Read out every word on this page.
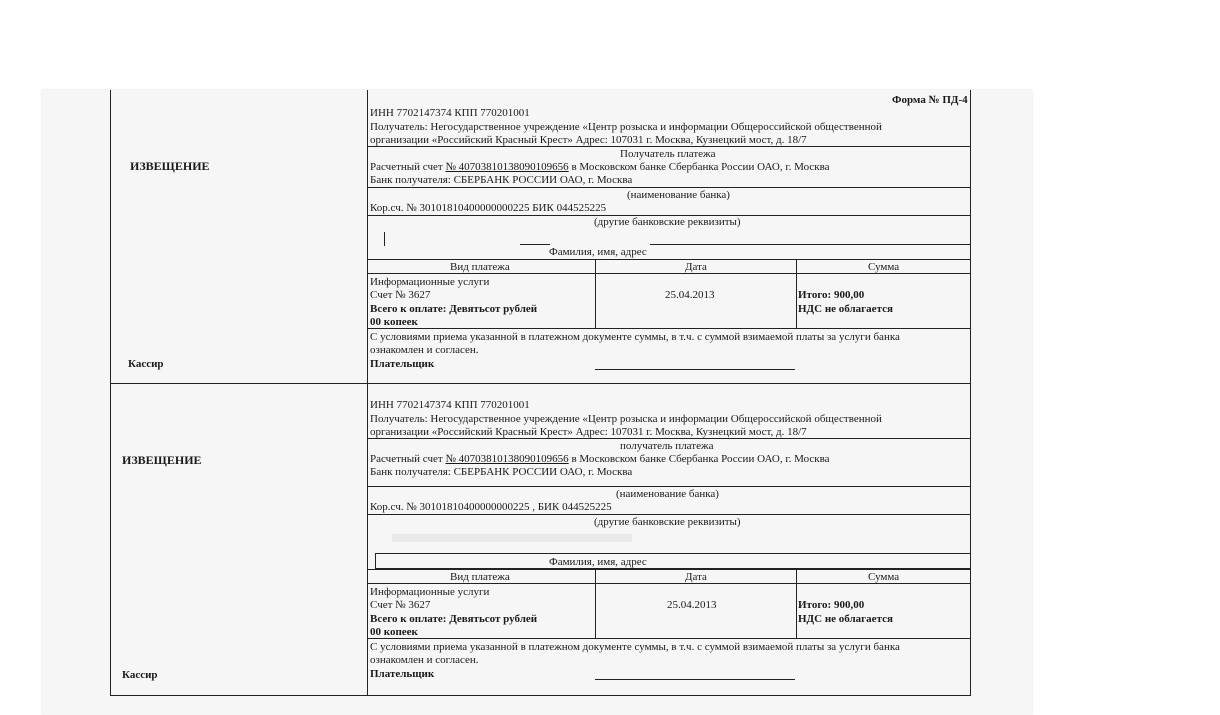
Форма № ПД-4
ИЗВЕЩЕНИЕ
Кассир
ИНН 7702147374 КПП 770201001
Получатель: Негосударственное учреждение «Центр розыска и информации Общероссийской общественной
организации «Российский Красный Крест» Адрес: 107031 г. Москва, Кузнецкий мост, д. 18/7
Получатель платежа
Расчетный счет № 40703810138090109656 в Московском банке Сбербанка России ОАО, г. Москва
Банк получателя: СБЕРБАНК РОССИИ ОАО, г. Москва
(наименование банка)
Кор.сч. № 30101810400000000225 БИК 044525225
(другие банковские реквизиты)
Фамилия, имя, адрес
Вид платежа	Дата	Сумма
Информационные услуги
Счет № 3627
Всего к оплате: Девятьсот рублей
00 копеек
25.04.2013	Итого: 900,00
НДС не облагается
С условиями приема указанной в платежном документе суммы, в т.ч. с суммой взимаемой платы за услуги банка
ознакомлен и согласен.
Плательщик
ИЗВЕЩЕНИЕ
Кассир
ИНН 7702147374 КПП 770201001
Получатель: Негосударственное учреждение «Центр розыска и информации Общероссийской общественной
организации «Российский Красный Крест» Адрес: 107031 г. Москва, Кузнецкий мост, д. 18/7
получатель платежа
Расчетный счет № 40703810138090109656 в Московском банке Сбербанка России ОАО, г. Москва
Банк получателя: СБЕРБАНК РОССИИ ОАО, г. Москва
(наименование банка)
Кор.сч. № 30101810400000000225 , БИК 044525225
(другие банковские реквизиты)
Фамилия, имя, адрес
Вид платежа	Дата	Сумма
Информационные услуги
Счет № 3627
Всего к оплате: Девятьсот рублей
00 копеек
25.04.2013	Итого: 900,00
НДС не облагается
С условиями приема указанной в платежном документе суммы, в т.ч. с суммой взимаемой платы за услуги банка
ознакомлен и согласен.
Плательщик
